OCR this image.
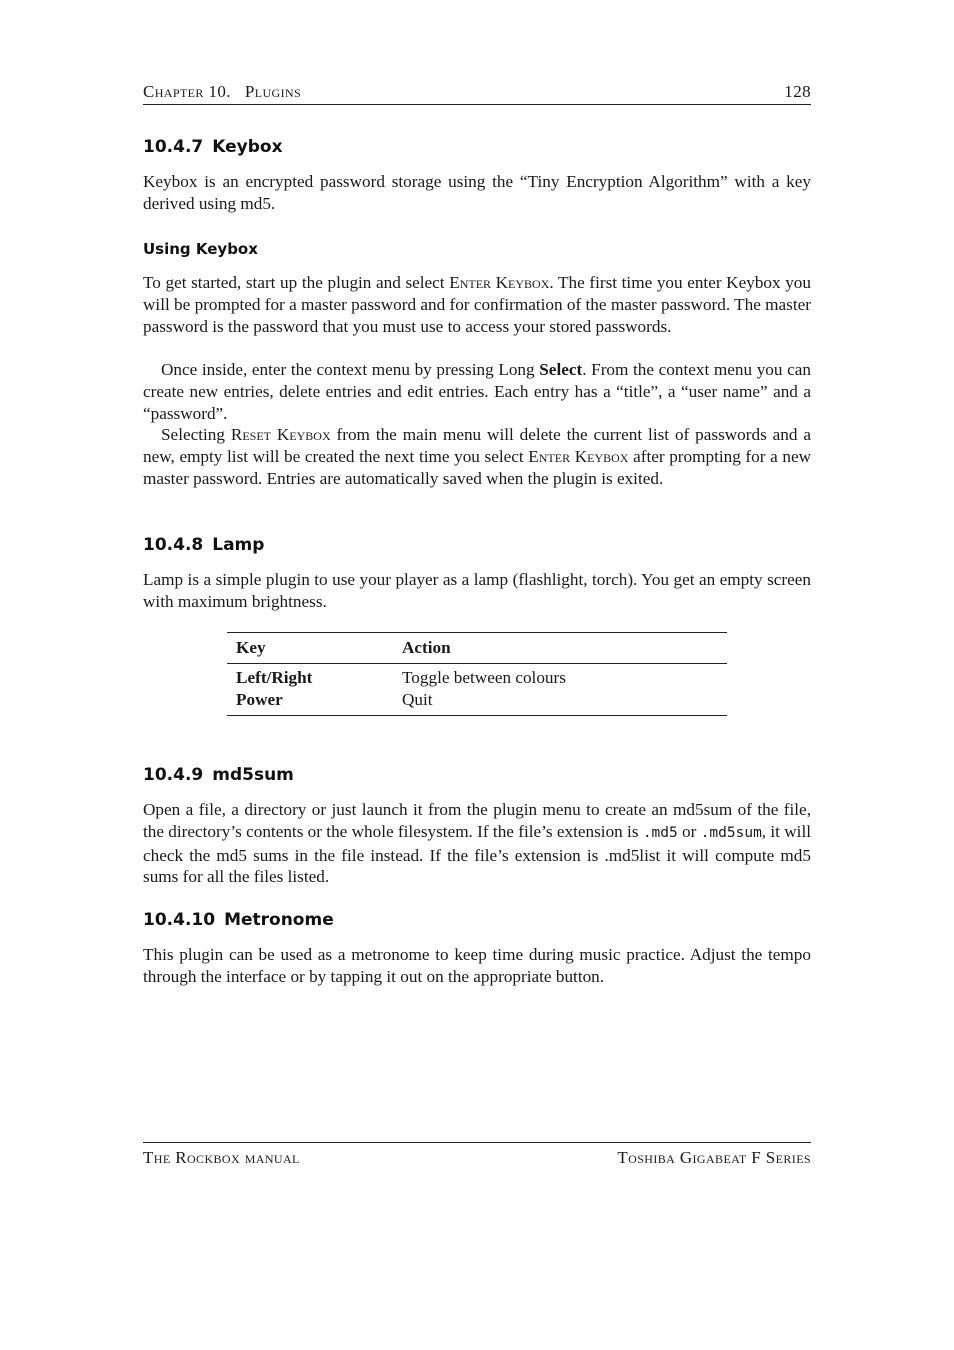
Chapter 10.   Plugins	128
10.4.7 Keybox

Keybox is an encrypted password storage using the “Tiny Encryption Algorithm” with a key derived using md5.

Using Keybox

To get started, start up the plugin and select Enter Keybox. The first time you enter Keybox you will be prompted for a master password and for confirmation of the master password. The master password is the password that you must use to access your stored passwords.

Once inside, enter the context menu by pressing Long Select. From the context menu you can create new entries, delete entries and edit entries. Each entry has a “title”, a “user name” and a “password”.

Selecting Reset Keybox from the main menu will delete the current list of passwords and a new, empty list will be created the next time you select Enter Keybox after prompting for a new master password. Entries are automatically saved when the plugin is exited.

10.4.8 Lamp

Lamp is a simple plugin to use your player as a lamp (flashlight, torch). You get an empty screen with maximum brightness.

Key	Action
Left/Right	Toggle between colours
Power	Quit
10.4.9 md5sum

Open a file, a directory or just launch it from the plugin menu to create an md5sum of the file, the directory’s contents or the whole filesystem. If the file’s extension is .md5 or .md5sum, it will check the md5 sums in the file instead. If the file’s extension is .md5list it will compute md5 sums for all the files listed.

10.4.10 Metronome

This plugin can be used as a metronome to keep time during music practice. Adjust the tempo through the interface or by tapping it out on the appropriate button.

The Rockbox manual	Toshiba Gigabeat F Series
